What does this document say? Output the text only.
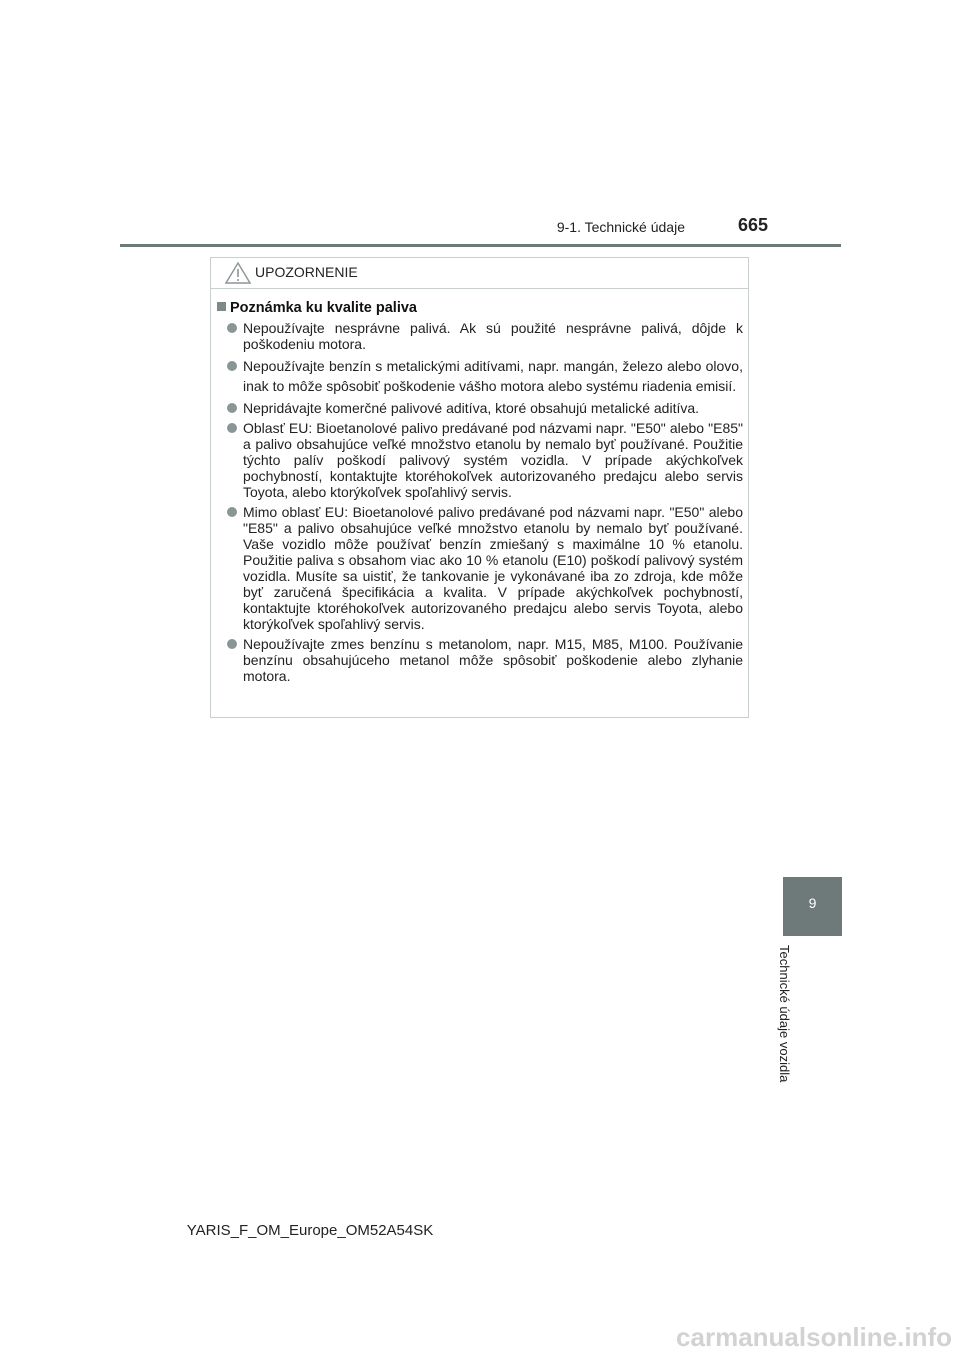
9-1. Technické údaje	665
UPOZORNENIE
Poznámka ku kvalite paliva
Nepoužívajte nesprávne palivá. Ak sú použité nesprávne palivá, dôjde k poškodeniu motora.
Nepoužívajte benzín s metalickými aditívami, napr. mangán, železo alebo olovo, inak to môže spôsobiť poškodenie vášho motora alebo systému riadenia emisií.
Nepridávajte komerčné palivové aditíva, ktoré obsahujú metalické aditíva.
Oblasť EU: Bioetanolové palivo predávané pod názvami napr. "E50" alebo "E85" a palivo obsahujúce veľké množstvo etanolu by nemalo byť používané. Použitie týchto palív poškodí palivový systém vozidla. V prípade akýchkoľvek pochybností, kontaktujte ktoréhokoľvek autorizovaného predajcu alebo servis Toyota, alebo ktorýkoľvek spoľahlivý servis.
Mimo oblasť EU: Bioetanolové palivo predávané pod názvami napr. "E50" alebo "E85" a palivo obsahujúce veľké množstvo etanolu by nemalo byť používané. Vaše vozidlo môže používať benzín zmiešaný s maximálne 10 % etanolu. Použitie paliva s obsahom viac ako 10 % etanolu (E10) poškodí palivový systém vozidla. Musíte sa uistiť, že tankovanie je vykonávané iba zo zdroja, kde môže byť zaručená špecifikácia a kvalita. V prípade akýchkoľvek pochybností, kontaktujte ktoréhokoľvek autorizovaného predajcu alebo servis Toyota, alebo ktorýkoľvek spoľahlivý servis.
Nepoužívajte zmes benzínu s metanolom, napr. M15, M85, M100. Používanie benzínu obsahujúceho metanol môže spôsobiť poškodenie alebo zlyhanie motora.
9
Technické údaje vozidla
YARIS_F_OM_Europe_OM52A54SK
carmanualsonline.info
